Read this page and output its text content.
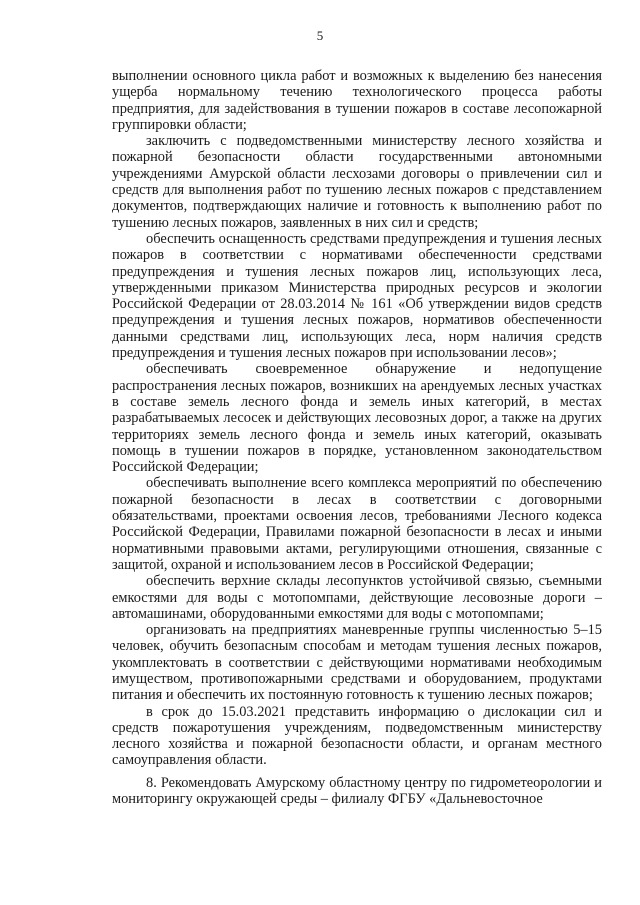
5

выполнении основного цикла работ и возможных к выделению без нанесения ущерба нормальному течению технологического процесса работы предприятия, для задействования в тушении пожаров в составе лесопожарной группировки области;

заключить с подведомственными министерству лесного хозяйства и пожарной безопасности области государственными автономными учреждениями Амурской области лесхозами договоры о привлечении сил и средств для выполнения работ по тушению лесных пожаров с представлением документов, подтверждающих наличие и готовность к выполнению работ по тушению лесных пожаров, заявленных в них сил и средств;

обеспечить оснащенность средствами предупреждения и тушения лесных пожаров в соответствии с нормативами обеспеченности средствами предупреждения и тушения лесных пожаров лиц, использующих леса, утвержденными приказом Министерства природных ресурсов и экологии Российской Федерации от 28.03.2014 № 161 «Об утверждении видов средств предупреждения и тушения лесных пожаров, нормативов обеспеченности данными средствами лиц, использующих леса, норм наличия средств предупреждения и тушения лесных пожаров при использовании лесов»;

обеспечивать своевременное обнаружение и недопущение распространения лесных пожаров, возникших на арендуемых лесных участках в составе земель лесного фонда и земель иных категорий, в местах разрабатываемых лесосек и действующих лесовозных дорог, а также на других территориях земель лесного фонда и земель иных категорий, оказывать помощь в тушении пожаров в порядке, установленном законодательством Российской Федерации;

обеспечивать выполнение всего комплекса мероприятий по обеспечению пожарной безопасности в лесах в соответствии с договорными обязательствами, проектами освоения лесов, требованиями Лесного кодекса Российской Федерации, Правилами пожарной безопасности в лесах и иными нормативными правовыми актами, регулирующими отношения, связанные с защитой, охраной и использованием лесов в Российской Федерации;

обеспечить верхние склады лесопунктов устойчивой связью, съемными емкостями для воды с мотопомпами, действующие лесовозные дороги – автомашинами, оборудованными емкостями для воды с мотопомпами;

организовать на предприятиях маневренные группы численностью 5–15 человек, обучить безопасным способам и методам тушения лесных пожаров, укомплектовать в соответствии с действующими нормативами необходимым имуществом, противопожарными средствами и оборудованием, продуктами питания и обеспечить их постоянную готовность к тушению лесных пожаров;

в срок до 15.03.2021 представить информацию о дислокации сил и средств пожаротушения учреждениям, подведомственным министерству лесного хозяйства и пожарной безопасности области, и органам местного самоуправления области.

8. Рекомендовать Амурскому областному центру по гидрометеорологии и мониторингу окружающей среды – филиалу ФГБУ «Дальневосточное
